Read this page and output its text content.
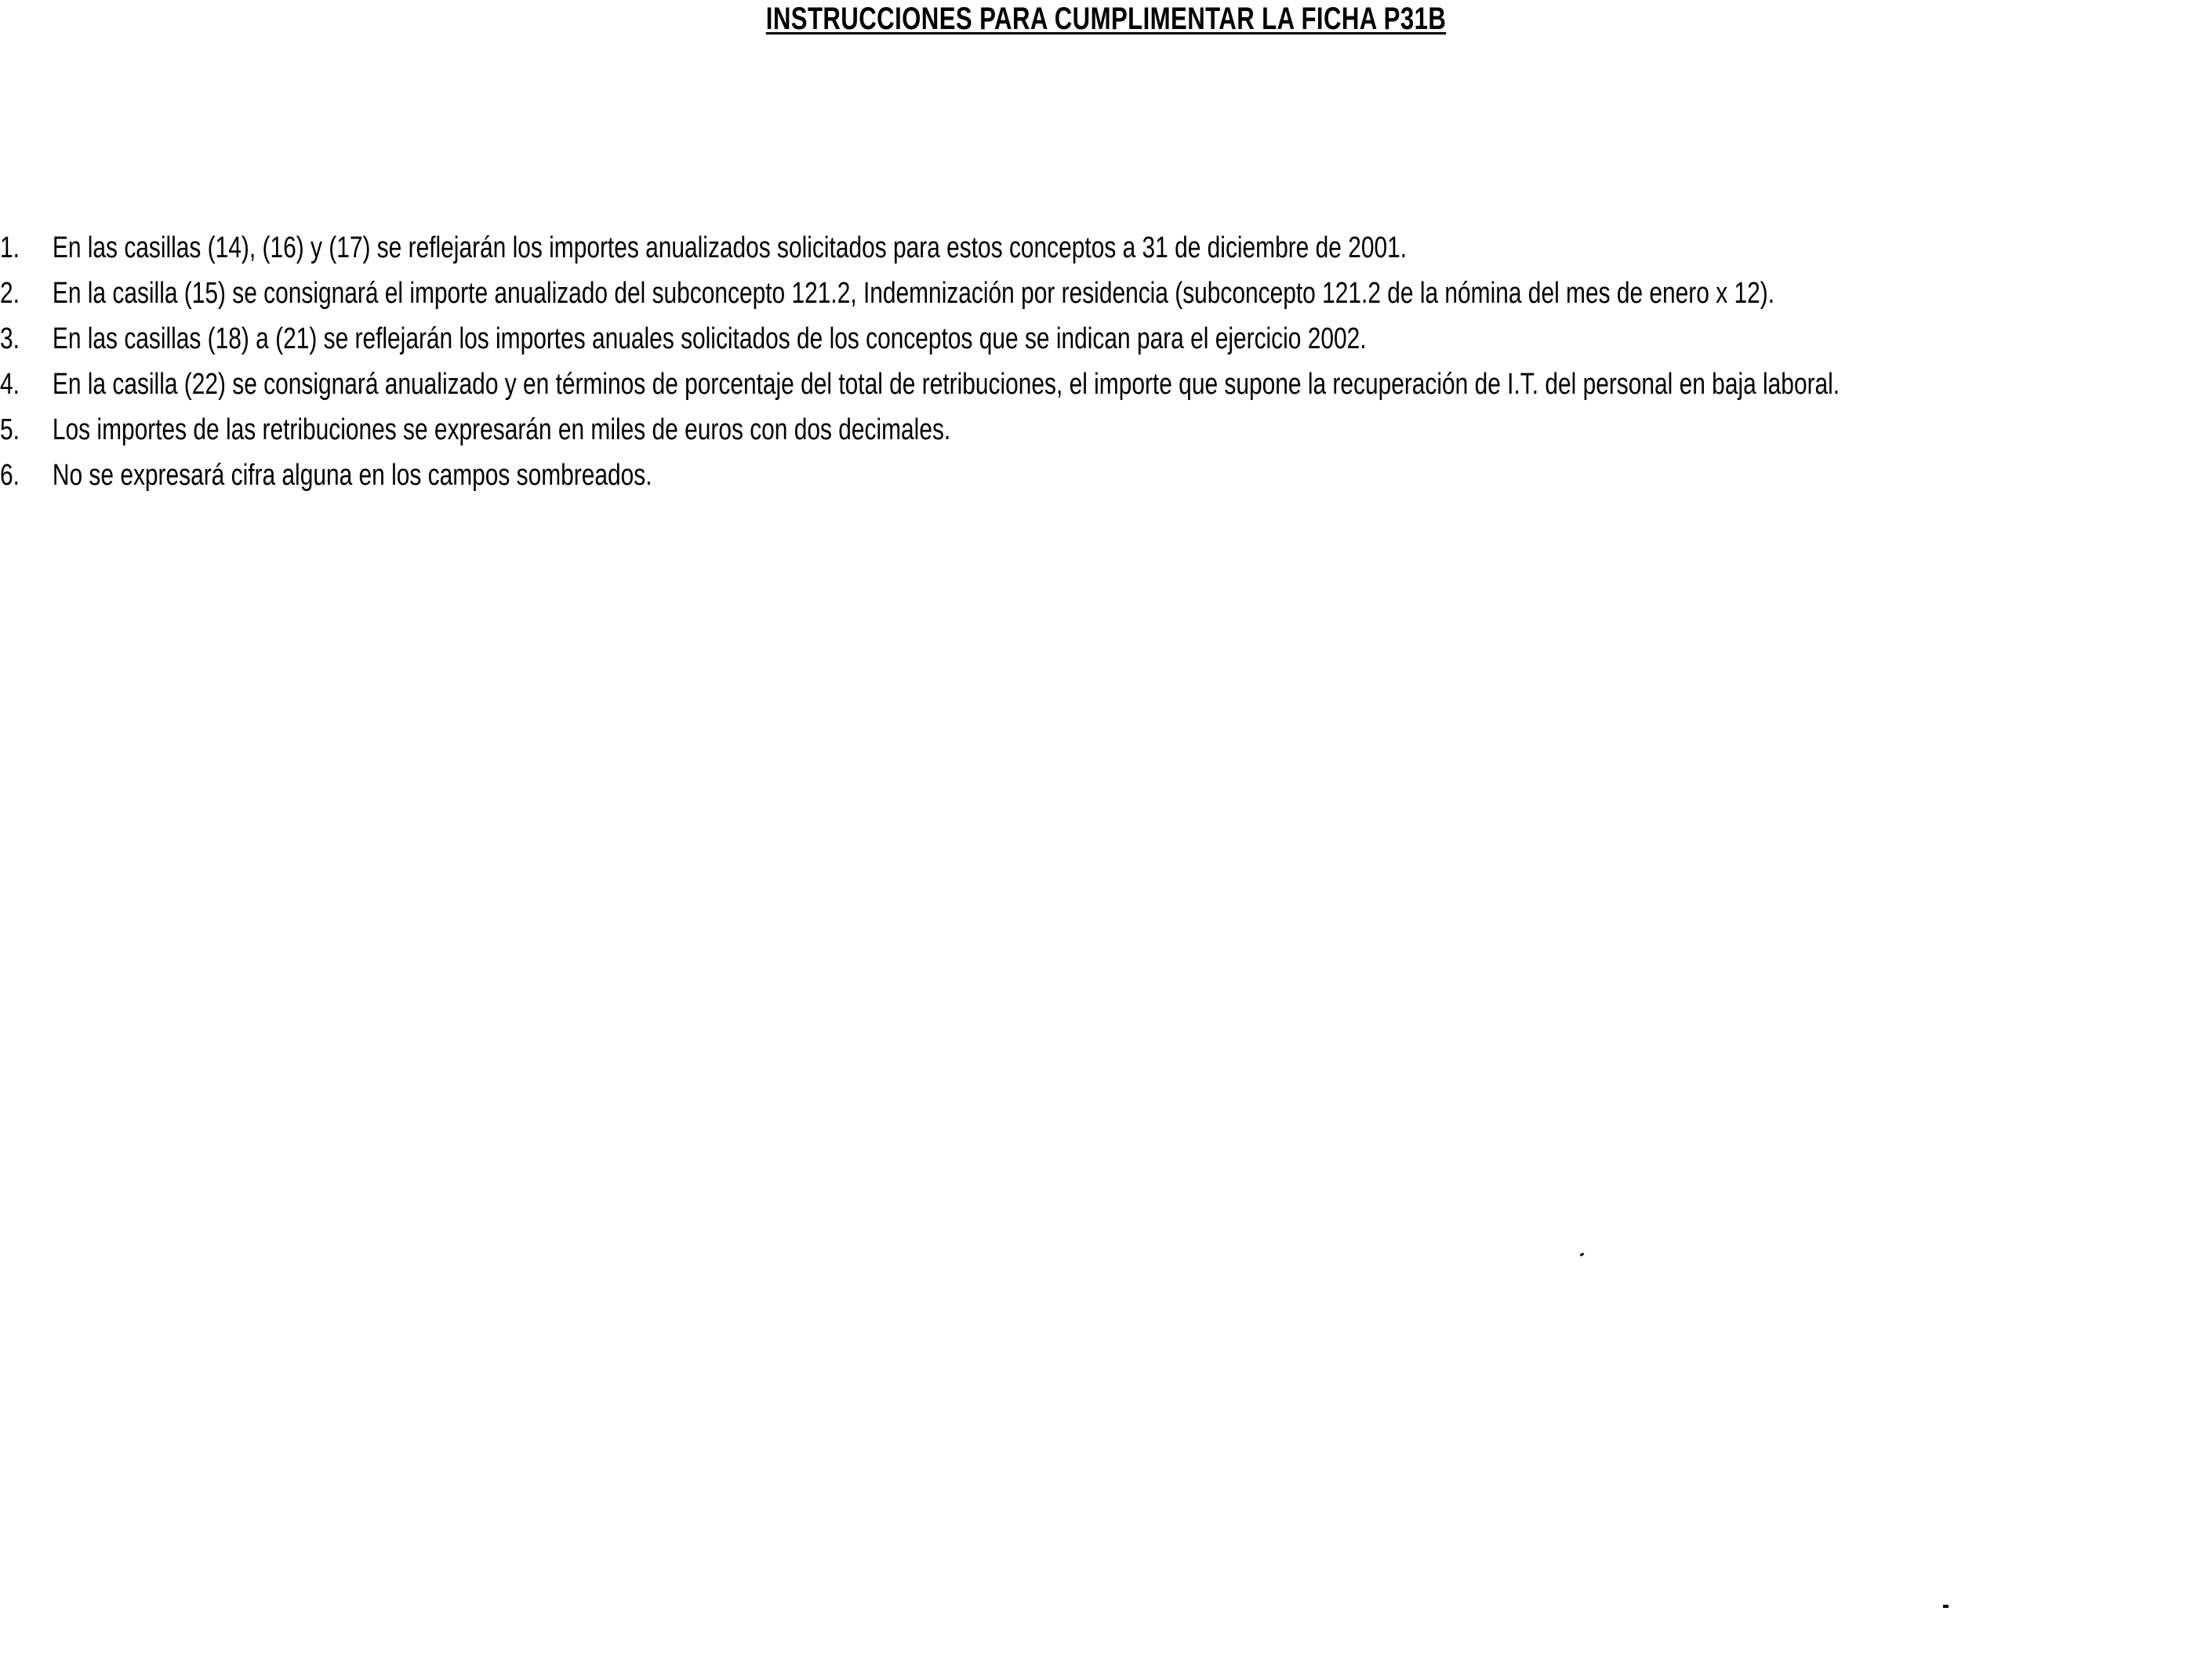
INSTRUCCIONES PARA CUMPLIMENTAR LA FICHA P31B
1.	En las casillas (14), (16) y (17) se reflejarán los importes anualizados solicitados para estos conceptos a 31 de diciembre de 2001.
2.	En la casilla (15) se consignará el importe anualizado del subconcepto 121.2, Indemnización por residencia (subconcepto 121.2 de la nómina del mes de enero x 12).
3.	En las casillas (18) a (21) se reflejarán los importes anuales solicitados de los conceptos que se indican para el ejercicio 2002.
4.	En la casilla (22) se consignará anualizado y en términos de porcentaje del total de retribuciones, el importe que supone la recuperación de I.T. del personal en baja laboral.
5.	Los importes de las retribuciones se expresarán en miles de euros con dos decimales.
6.	No se expresará cifra alguna en los campos sombreados.
